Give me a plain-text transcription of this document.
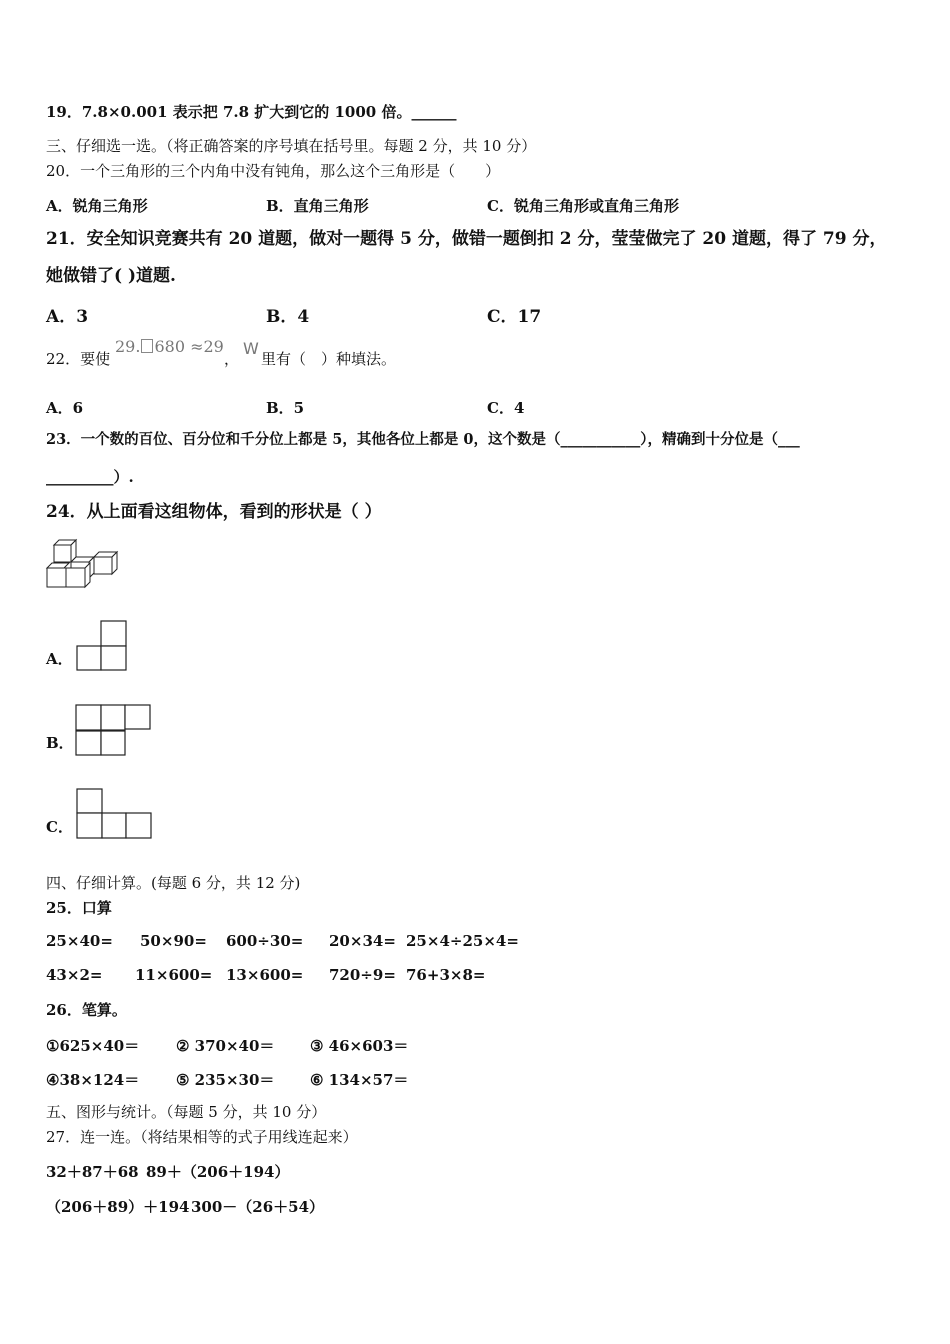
19．7.8×0.001 表示把 7.8 扩大到它的 1000 倍。______
三、仔细选一选。（将正确答案的序号填在括号里。每题 2 分，共 10 分）
20．一个三角形的三个内角中没有钝角，那么这个三角形是（　　）
A．锐角三角形	B．直角三角形	C．锐角三角形或直角三角形
21．安全知识竞赛共有 20 道题，做对一题得 5 分，做错一题倒扣 2 分，莹莹做完了 20 道题，得了 79 分，
她做错了( )道题.
A．3	B．4	C．17
22．要使
29. 680 ≈29
，
W
里有（　）种填法。
A．6	B．5	C．4
23．一个数的百位、百分位和千分位上都是 5，其他各位上都是 0，这个数是（___________），精确到十分位是（___
_________）.
24．从上面看这组物体，看到的形状是（ ）
A．
B．
C．
四、仔细计算。(每题 6 分，共 12 分)
25．口算
25×40= 50×90= 600÷30= 20×34= 25×4÷25×4=
43×2= 11×600= 13×600= 720÷9= 76+3×8=
26．笔算。
①625×40＝ ② 370×40＝ ③ 46×603＝
④38×124＝ ⑤ 235×30＝ ⑥ 134×57＝
五、图形与统计。（每题 5 分，共 10 分）
27．连一连。（将结果相等的式子用线连起来）
32＋87＋68 89＋（206＋194）
（206＋89）＋194 300－（26＋54）
